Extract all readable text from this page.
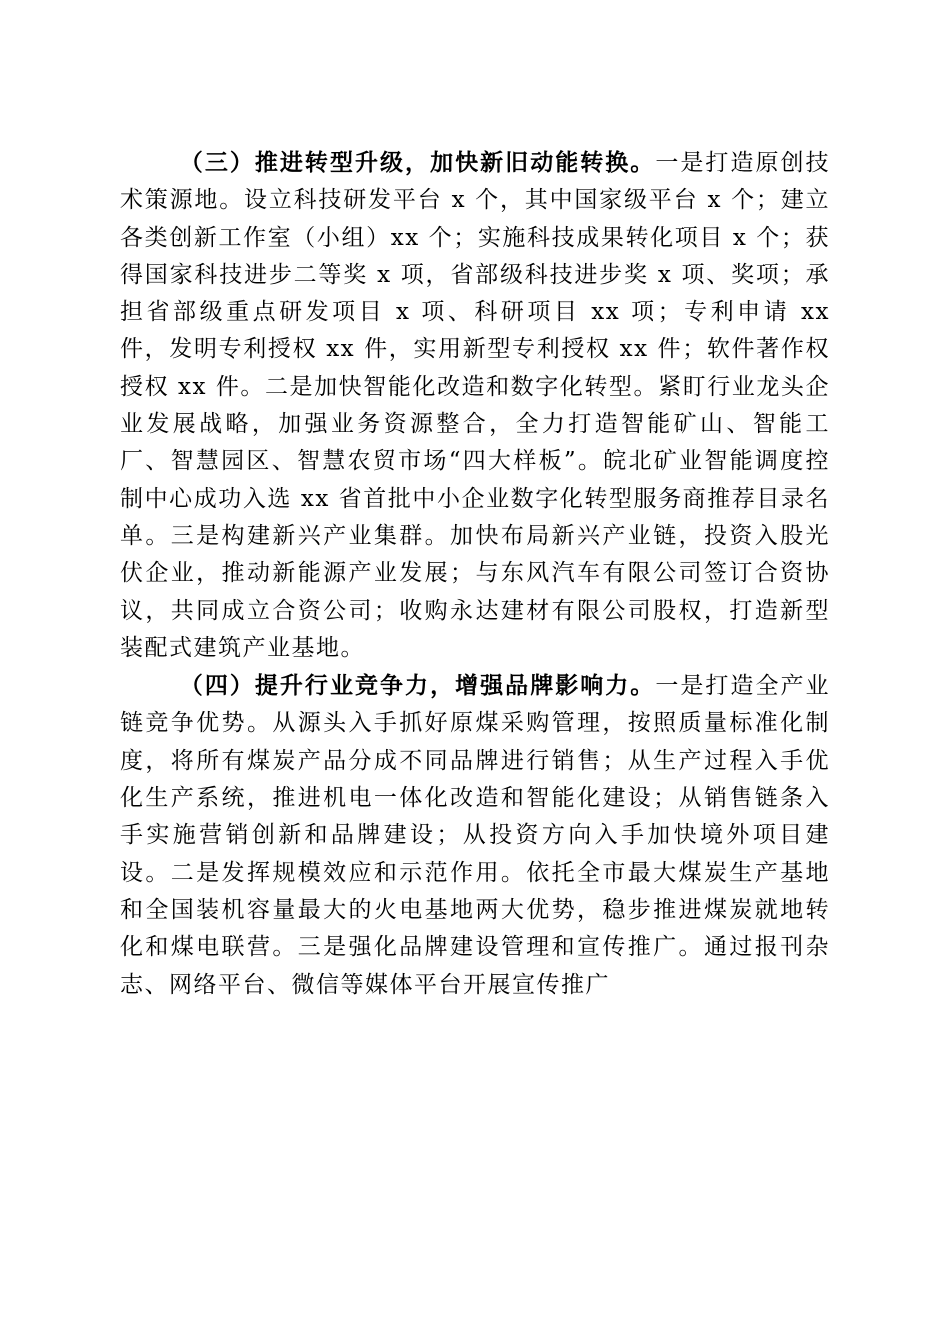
（三）推进转型升级，加快新旧动能转换。一是打造原创技术策源地。设立科技研发平台 x 个，其中国家级平台 x 个；建立各类创新工作室（小组）xx 个；实施科技成果转化项目 x 个；获得国家科技进步二等奖 x 项，省部级科技进步奖 x 项、奖项；承担省部级重点研发项目 x 项、科研项目 xx 项；专利申请 xx 件，发明专利授权 xx 件，实用新型专利授权 xx 件；软件著作权授权 xx 件。二是加快智能化改造和数字化转型。紧盯行业龙头企业发展战略，加强业务资源整合，全力打造智能矿山、智能工厂、智慧园区、智慧农贸市场“四大样板”。皖北矿业智能调度控制中心成功入选 xx 省首批中小企业数字化转型服务商推荐目录名单。三是构建新兴产业集群。加快布局新兴产业链，投资入股光伏企业，推动新能源产业发展；与东风汽车有限公司签订合资协议，共同成立合资公司；收购永达建材有限公司股权，打造新型装配式建筑产业基地。

（四）提升行业竞争力，增强品牌影响力。一是打造全产业链竞争优势。从源头入手抓好原煤采购管理，按照质量标准化制度，将所有煤炭产品分成不同品牌进行销售；从生产过程入手优化生产系统，推进机电一体化改造和智能化建设；从销售链条入手实施营销创新和品牌建设；从投资方向入手加快境外项目建设。二是发挥规模效应和示范作用。依托全市最大煤炭生产基地和全国装机容量最大的火电基地两大优势，稳步推进煤炭就地转化和煤电联营。三是强化品牌建设管理和宣传推广。通过报刊杂志、网络平台、微信等媒体平台开展宣传推广
